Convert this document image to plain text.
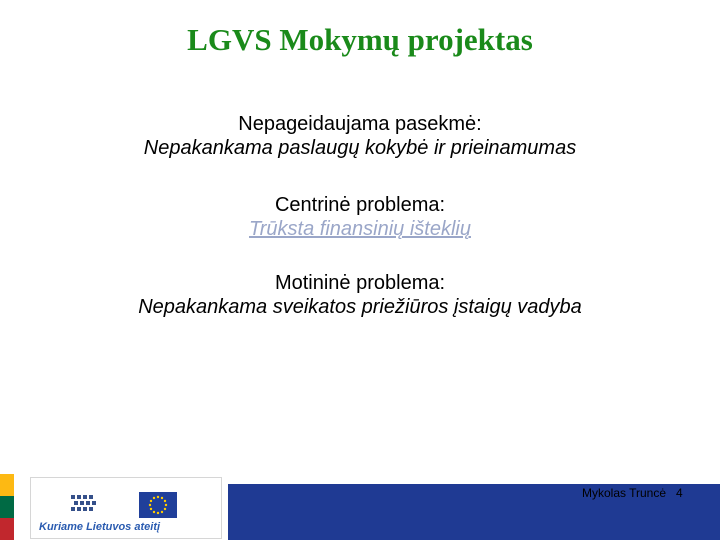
LGVS Mokymų projektas
Nepageidaujama pasekmė:
Nepakankama paslaugų kokybė ir prieinamumas
Centrinė problema:
Trūksta finansinių išteklių
Motininė problema:
Nepakankama sveikatos priežiūros įstaigų vadyba
Kuriame Lietuvos ateitį
Mykolas Truncė 4
